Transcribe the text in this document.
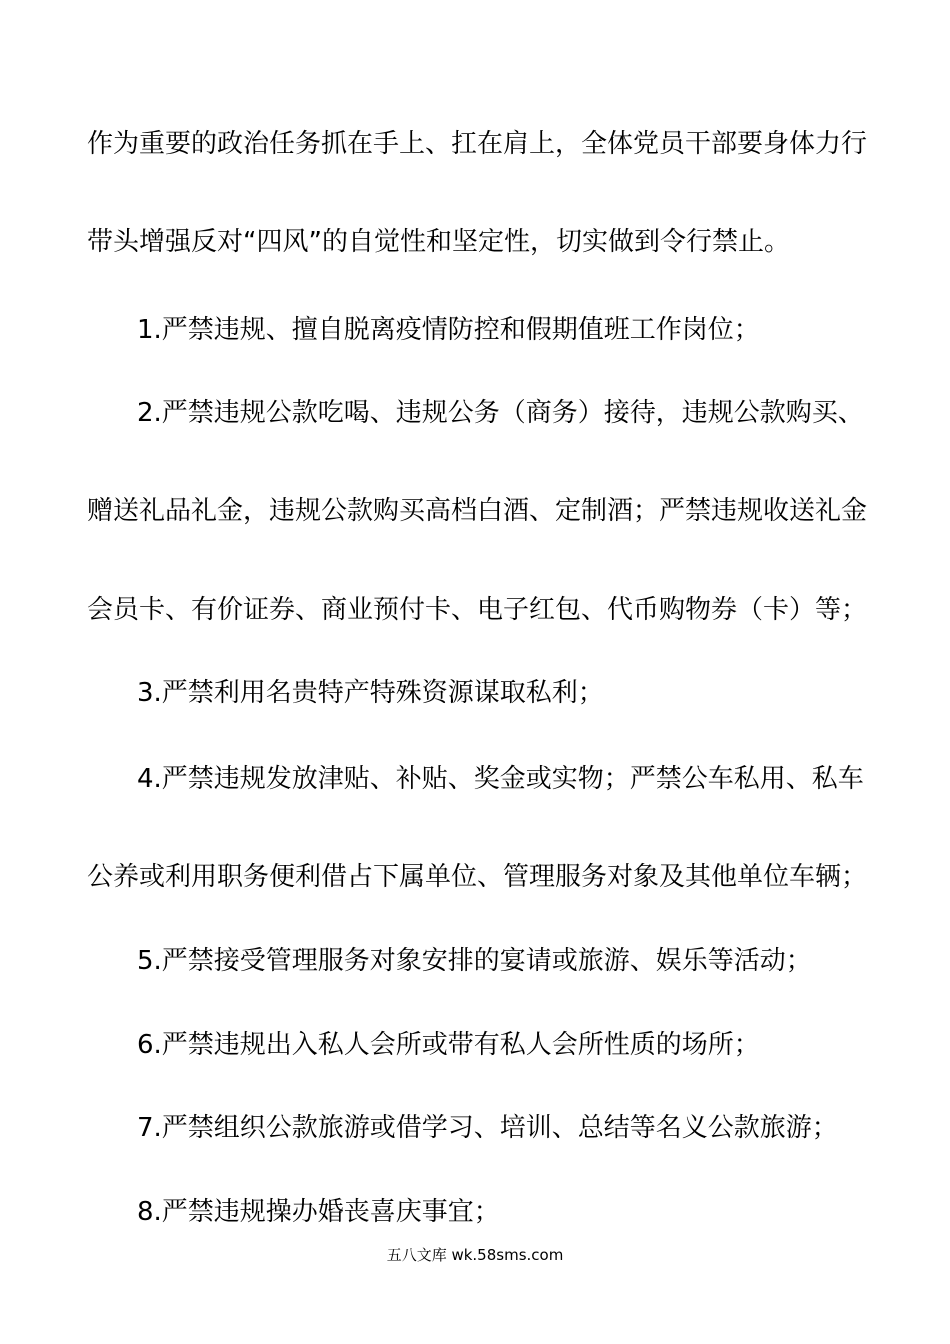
作为重要的政治任务抓在手上、扛在肩上，全体党员干部要身体力行

带头增强反对“四风”的自觉性和坚定性，切实做到令行禁止。

1.严禁违规、擅自脱离疫情防控和假期值班工作岗位；

2.严禁违规公款吃喝、违规公务（商务）接待，违规公款购买、

赠送礼品礼金，违规公款购买高档白酒、定制酒；严禁违规收送礼金

会员卡、有价证券、商业预付卡、电子红包、代币购物券（卡）等；

3.严禁利用名贵特产特殊资源谋取私利；

4.严禁违规发放津贴、补贴、奖金或实物；严禁公车私用、私车

公养或利用职务便利借占下属单位、管理服务对象及其他单位车辆；

5.严禁接受管理服务对象安排的宴请或旅游、娱乐等活动；

6.严禁违规出入私人会所或带有私人会所性质的场所；

7.严禁组织公款旅游或借学习、培训、总结等名义公款旅游；

8.严禁违规操办婚丧喜庆事宜；

五八文库 wk.58sms.com
